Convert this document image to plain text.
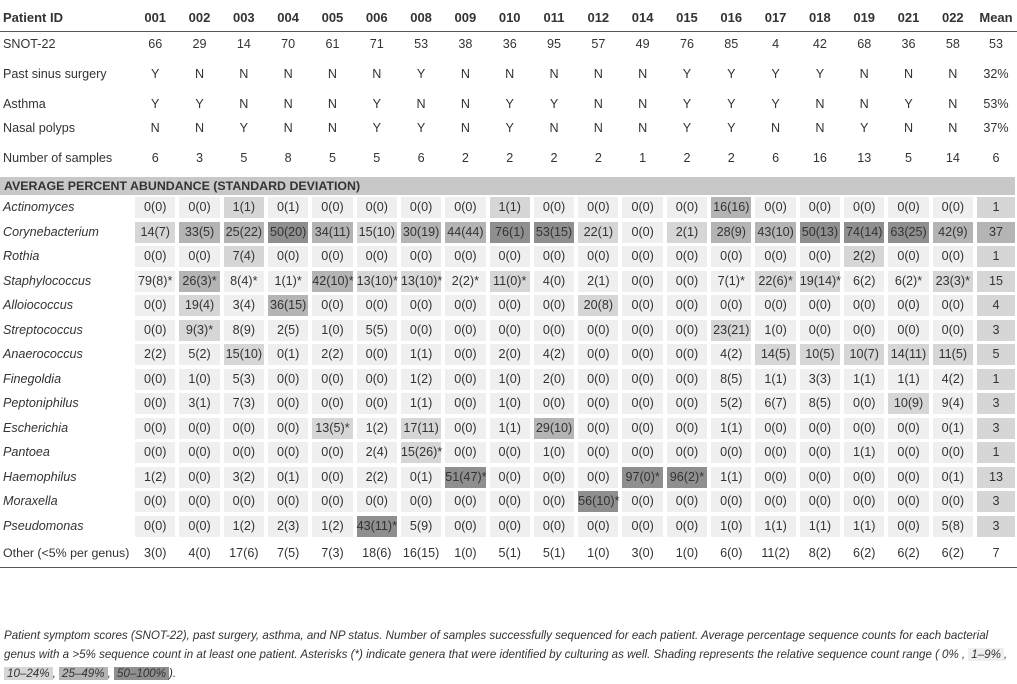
Patient ID	001	002	003	004	005	006	008	009	010	011	012	014	015	016	017	018	019	021	022	Mean
SNOT-22	66	29	14	70	61	71	53	38	36	95	57	49	76	85	4	42	68	36	58	53
Past sinus surgery	Y	N	N	N	N	N	Y	N	N	N	N	N	Y	Y	Y	Y	N	N	N	32%
Asthma	Y	Y	N	N	N	Y	N	N	Y	Y	N	N	Y	Y	Y	N	N	Y	N	53%
Nasal polyps	N	N	Y	N	N	Y	Y	N	Y	N	N	N	Y	Y	N	N	Y	N	N	37%
Number of samples	6	3	5	8	5	5	6	2	2	2	2	1	2	2	6	16	13	5	14	6

AVERAGE PERCENT ABUNDANCE (STANDARD DEVIATION)																				

Actinomyces	0(0)	0(0)	1(1)	0(1)	0(0)	0(0)	0(0)	0(0)	1(1)	0(0)	0(0)	0(0)	0(0)	16(16)	0(0)	0(0)	0(0)	0(0)	0(0)	1

Corynebacterium	14(7)	33(5)	25(22)	50(20)	34(11)	15(10)	30(19)	44(44)	76(1)	53(15)	22(1)	0(0)	2(1)	28(9)	43(10)	50(13)	74(14)	63(25)	42(9)	37

Rothia	0(0)	0(0)	7(4)	0(0)	0(0)	0(0)	0(0)	0(0)	0(0)	0(0)	0(0)	0(0)	0(0)	0(0)	0(0)	0(0)	2(2)	0(0)	0(0)	1

Staphylococcus	79(8)*	26(3)*	8(4)*	1(1)*	42(10)*	13(10)*	13(10)*	2(2)*	11(0)*	4(0)	2(1)	0(0)	0(0)	7(1)*	22(6)*	19(14)*	6(2)	6(2)*	23(3)*	15

Alloiococcus	0(0)	19(4)	3(4)	36(15)	0(0)	0(0)	0(0)	0(0)	0(0)	0(0)	20(8)	0(0)	0(0)	0(0)	0(0)	0(0)	0(0)	0(0)	0(0)	4

Streptococcus	0(0)	9(3)*	8(9)	2(5)	1(0)	5(5)	0(0)	0(0)	0(0)	0(0)	0(0)	0(0)	0(0)	23(21)	1(0)	0(0)	0(0)	0(0)	0(0)	3

Anaerococcus	2(2)	5(2)	15(10)	0(1)	2(2)	0(0)	1(1)	0(0)	2(0)	4(2)	0(0)	0(0)	0(0)	4(2)	14(5)	10(5)	10(7)	14(11)	11(5)	5

Finegoldia	0(0)	1(0)	5(3)	0(0)	0(0)	0(0)	1(2)	0(0)	1(0)	2(0)	0(0)	0(0)	0(0)	8(5)	1(1)	3(3)	1(1)	1(1)	4(2)	1

Peptoniphilus	0(0)	3(1)	7(3)	0(0)	0(0)	0(0)	1(1)	0(0)	1(0)	0(0)	0(0)	0(0)	0(0)	5(2)	6(7)	8(5)	0(0)	10(9)	9(4)	3

Escherichia	0(0)	0(0)	0(0)	0(0)	13(5)*	1(2)	17(11)	0(0)	1(1)	29(10)	0(0)	0(0)	0(0)	1(1)	0(0)	0(0)	0(0)	0(0)	0(1)	3

Pantoea	0(0)	0(0)	0(0)	0(0)	0(0)	2(4)	15(26)*	0(0)	0(0)	1(0)	0(0)	0(0)	0(0)	0(0)	0(0)	0(0)	1(1)	0(0)	0(0)	1

Haemophilus	1(2)	0(0)	3(2)	0(1)	0(0)	2(2)	0(1)	51(47)*	0(0)	0(0)	0(0)	97(0)*	96(2)*	1(1)	0(0)	0(0)	0(0)	0(0)	0(1)	13

Moraxella	0(0)	0(0)	0(0)	0(0)	0(0)	0(0)	0(0)	0(0)	0(0)	0(0)	56(10)*	0(0)	0(0)	0(0)	0(0)	0(0)	0(0)	0(0)	0(0)	3

Pseudomonas	0(0)	0(0)	1(2)	2(3)	1(2)	43(11)*	5(9)	0(0)	0(0)	0(0)	0(0)	0(0)	0(0)	1(0)	1(1)	1(1)	1(1)	0(0)	5(8)	3

Other (<5% per genus)	3(0)	4(0)	17(6)	7(5)	7(3)	18(6)	16(15)	1(0)	5(1)	5(1)	1(0)	3(0)	1(0)	6(0)	11(2)	8(2)	6(2)	6(2)	6(2)	7
Patient symptom scores (SNOT-22), past surgery, asthma, and NP status. Number of samples successfully sequenced for each patient. Average percentage sequence counts for each bacterial genus with a >5% sequence count in at least one patient. Asterisks (*) indicate genera that were identified by culturing as well. Shading represents the relative sequence count range ( 0% , 1–9% , 10–24% , 25–49% , 50–100% ).
